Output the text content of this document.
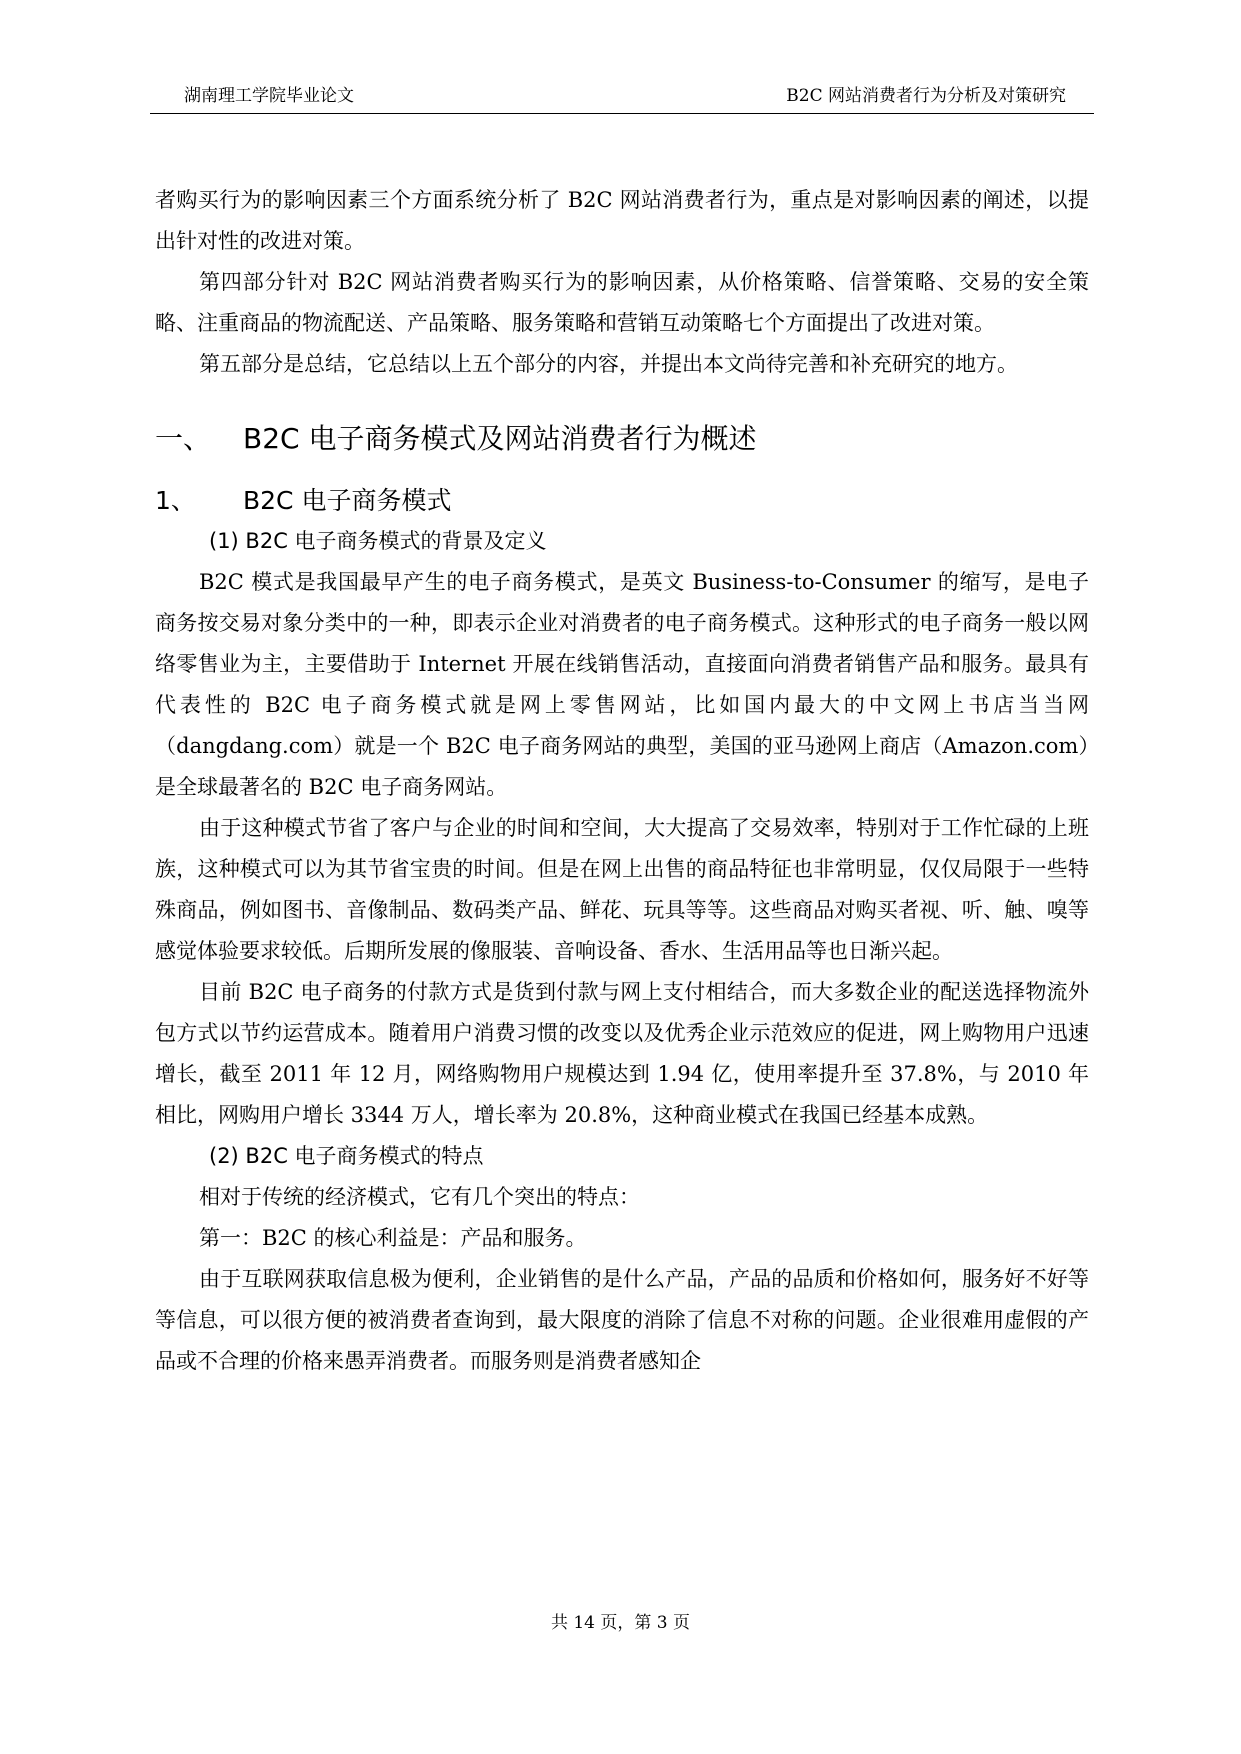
湖南理工学院毕业论文	B2C 网站消费者行为分析及对策研究

者购买行为的影响因素三个方面系统分析了 B2C 网站消费者行为，重点是对影响因素的阐述，以提出针对性的改进对策。

第四部分针对 B2C 网站消费者购买行为的影响因素，从价格策略、信誉策略、交易的安全策略、注重商品的物流配送、产品策略、服务策略和营销互动策略七个方面提出了改进对策。

第五部分是总结，它总结以上五个部分的内容，并提出本文尚待完善和补充研究的地方。

一、	B2C 电子商务模式及网站消费者行为概述
1、	B2C 电子商务模式
(1) B2C 电子商务模式的背景及定义

B2C 模式是我国最早产生的电子商务模式，是英文 Business-to-Consumer 的缩写，是电子商务按交易对象分类中的一种，即表示企业对消费者的电子商务模式。这种形式的电子商务一般以网络零售业为主，主要借助于 Internet 开展在线销售活动，直接面向消费者销售产品和服务。最具有代表性的 B2C 电子商务模式就是网上零售网站，比如国内最大的中文网上书店当当网（dangdang.com）就是一个 B2C 电子商务网站的典型，美国的亚马逊网上商店（Amazon.com）是全球最著名的 B2C 电子商务网站。

由于这种模式节省了客户与企业的时间和空间，大大提高了交易效率，特别对于工作忙碌的上班族，这种模式可以为其节省宝贵的时间。但是在网上出售的商品特征也非常明显，仅仅局限于一些特殊商品，例如图书、音像制品、数码类产品、鲜花、玩具等等。这些商品对购买者视、听、触、嗅等感觉体验要求较低。后期所发展的像服装、音响设备、香水、生活用品等也日渐兴起。

目前 B2C 电子商务的付款方式是货到付款与网上支付相结合，而大多数企业的配送选择物流外包方式以节约运营成本。随着用户消费习惯的改变以及优秀企业示范效应的促进，网上购物用户迅速增长，截至 2011 年 12 月，网络购物用户规模达到 1.94 亿，使用率提升至 37.8%，与 2010 年相比，网购用户增长 3344 万人，增长率为 20.8%，这种商业模式在我国已经基本成熟。

(2) B2C 电子商务模式的特点

相对于传统的经济模式，它有几个突出的特点：

第一：B2C 的核心利益是：产品和服务。

由于互联网获取信息极为便利，企业销售的是什么产品，产品的品质和价格如何，服务好不好等等信息，可以很方便的被消费者查询到，最大限度的消除了信息不对称的问题。企业很难用虚假的产品或不合理的价格来愚弄消费者。而服务则是消费者感知企

共 14 页，第 3 页
